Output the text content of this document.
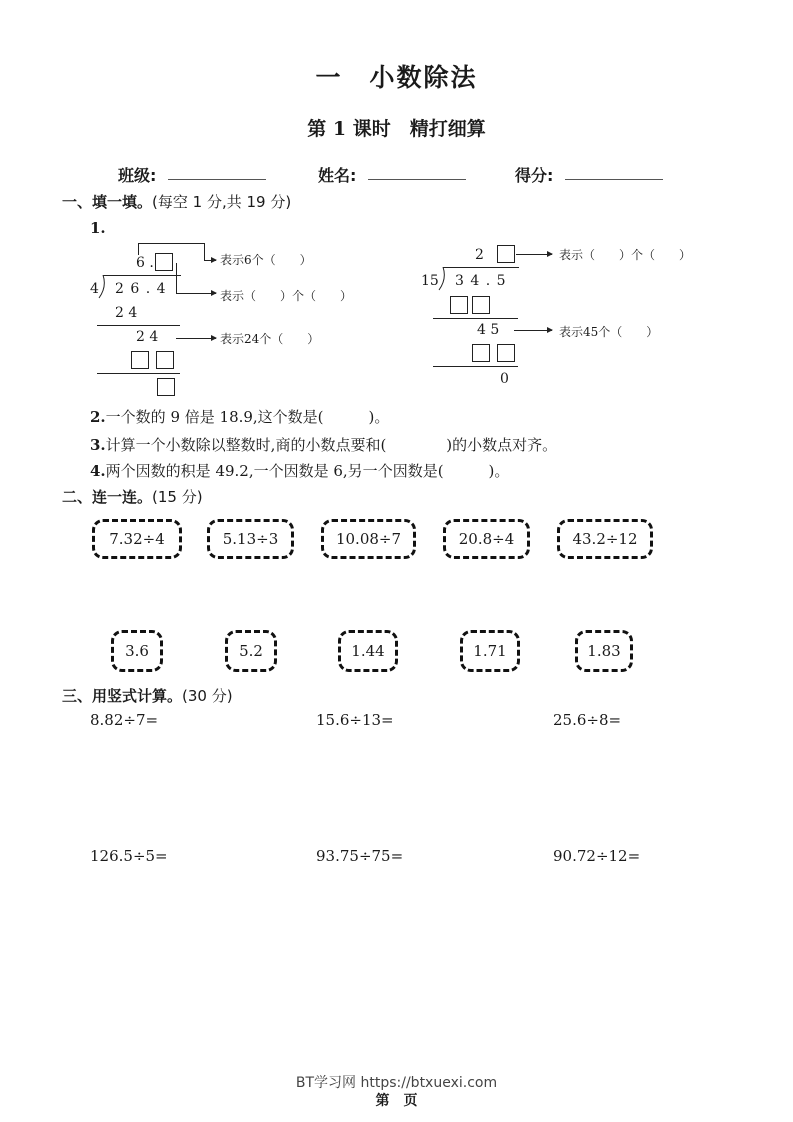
一　小数除法
第 1 课时　精打细算
班级:	姓名:	得分:
一、填一填。(每空 1 分,共 19 分)
1.
6 .	表示6个（　　）
表示（　　）个（　　）
4 2 6 . 4
2 4
2 4	表示24个（　　）
2	表示（　　）个（　　）
15 3 4 . 5
4 5	表示45个（　　）
0
2.一个数的 9 倍是 18.9,这个数是(　　　)。
3.计算一个小数除以整数时,商的小数点要和(　　　　)的小数点对齐。
4.两个因数的积是 49.2,一个因数是 6,另一个因数是(　　　)。
二、连一连。(15 分)
7.32÷4	5.13÷3	10.08÷7	20.8÷4	43.2÷12
3.6	5.2	1.44	1.71	1.83
三、用竖式计算。(30 分)
8.82÷7=	15.6÷13=	25.6÷8=
126.5÷5=	93.75÷75=	90.72÷12=
BT学习网 https://btxuexi.com
第　页
